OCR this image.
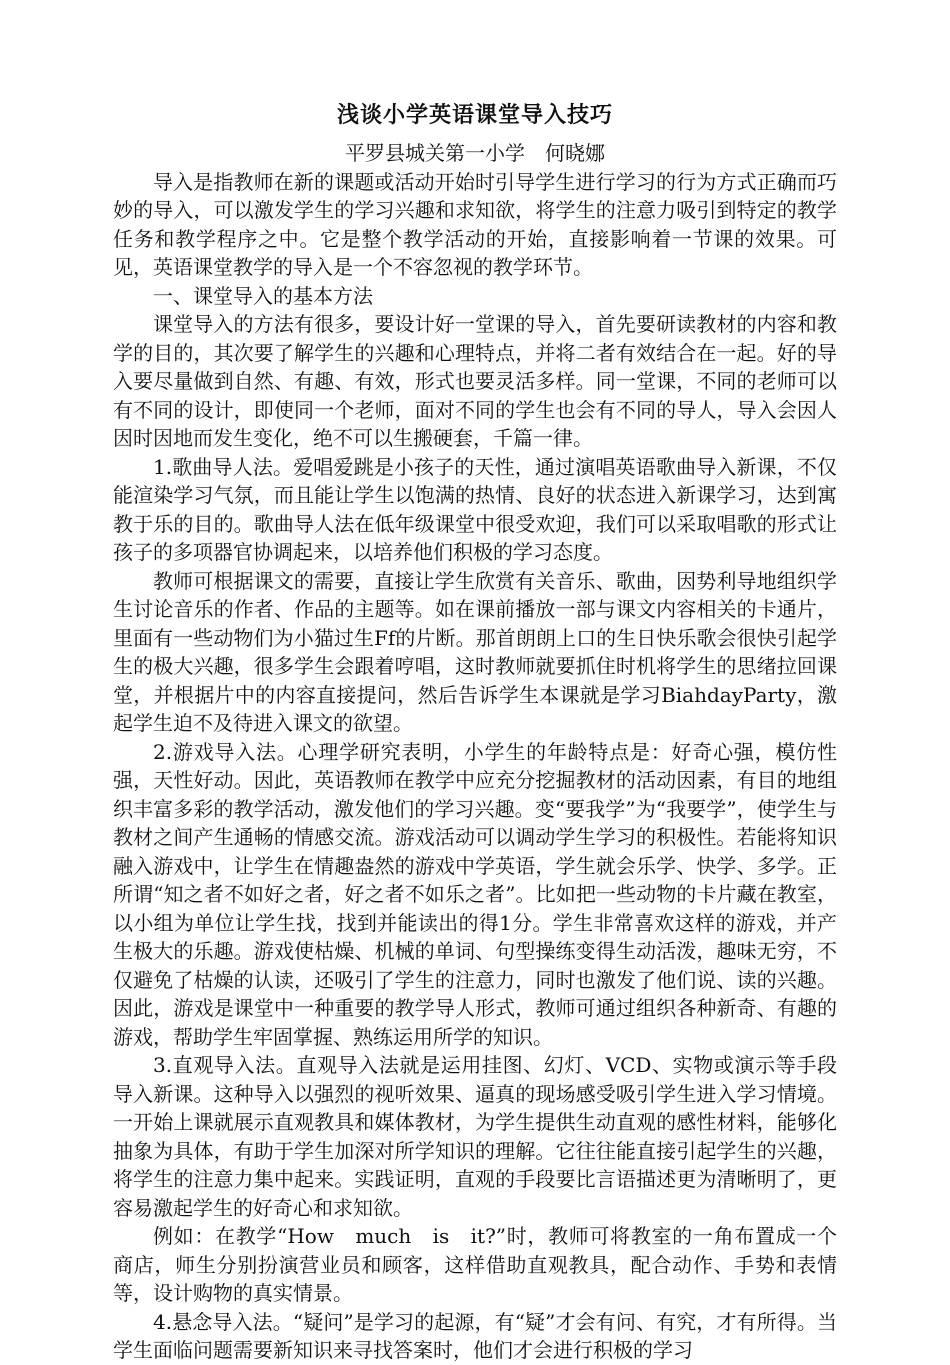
浅谈小学英语课堂导入技巧
平罗县城关第一小学　何晓娜

导入是指教师在新的课题或活动开始时引导学生进行学习的行为方式正确而巧妙的导入，可以激发学生的学习兴趣和求知欲，将学生的注意力吸引到特定的教学任务和教学程序之中。它是整个教学活动的开始，直接影响着一节课的效果。可见，英语课堂教学的导入是一个不容忽视的教学环节。

一、课堂导入的基本方法

课堂导入的方法有很多，要设计好一堂课的导入，首先要研读教材的内容和教学的目的，其次要了解学生的兴趣和心理特点，并将二者有效结合在一起。好的导入要尽量做到自然、有趣、有效，形式也要灵活多样。同一堂课，不同的老师可以有不同的设计，即使同一个老师，面对不同的学生也会有不同的导人，导入会因人因时因地而发生变化，绝不可以生搬硬套，千篇一律。

1.歌曲导人法。爱唱爱跳是小孩子的天性，通过演唱英语歌曲导入新课，不仅能渲染学习气氛，而且能让学生以饱满的热情、良好的状态进入新课学习，达到寓教于乐的目的。歌曲导人法在低年级课堂中很受欢迎，我们可以采取唱歌的形式让孩子的多项器官协调起来，以培养他们积极的学习态度。

教师可根据课文的需要，直接让学生欣赏有关音乐、歌曲，因势利导地组织学生讨论音乐的作者、作品的主题等。如在课前播放一部与课文内容相关的卡通片，里面有一些动物们为小猫过生Ff的片断。那首朗朗上口的生日快乐歌会很快引起学生的极大兴趣，很多学生会跟着哼唱，这时教师就要抓住时机将学生的思绪拉回课堂，并根据片中的内容直接提问，然后告诉学生本课就是学习BiahdayParty，激起学生迫不及待进入课文的欲望。

2.游戏导入法。心理学研究表明，小学生的年龄特点是：好奇心强，模仿性强，天性好动。因此，英语教师在教学中应充分挖掘教材的活动因素，有目的地组织丰富多彩的教学活动，激发他们的学习兴趣。变“要我学”为“我要学”，使学生与教材之间产生通畅的情感交流。游戏活动可以调动学生学习的积极性。若能将知识融入游戏中，让学生在情趣盎然的游戏中学英语，学生就会乐学、快学、多学。正所谓“知之者不如好之者，好之者不如乐之者”。比如把一些动物的卡片藏在教室，以小组为单位让学生找，找到并能读出的得1分。学生非常喜欢这样的游戏，并产生极大的乐趣。游戏使枯燥、机械的单词、句型操练变得生动活泼，趣味无穷，不仅避免了枯燥的认读，还吸引了学生的注意力，同时也激发了他们说、读的兴趣。因此，游戏是课堂中一种重要的教学导人形式，教师可通过组织各种新奇、有趣的游戏，帮助学生牢固掌握、熟练运用所学的知识。

3.直观导入法。直观导入法就是运用挂图、幻灯、VCD、实物或演示等手段导入新课。这种导入以强烈的视听效果、逼真的现场感受吸引学生进入学习情境。一开始上课就展示直观教具和媒体教材，为学生提供生动直观的感性材料，能够化抽象为具体，有助于学生加深对所学知识的理解。它往往能直接引起学生的兴趣，将学生的注意力集中起来。实践证明，直观的手段要比言语描述更为清晰明了，更容易激起学生的好奇心和求知欲。

例如：在教学“How　much　is　it?”时，教师可将教室的一角布置成一个商店，师生分别扮演营业员和顾客，这样借助直观教具，配合动作、手势和表情等，设计购物的真实情景。

4.悬念导入法。“疑问”是学习的起源，有“疑”才会有问、有究，才有所得。当学生面临问题需要新知识来寻找答案时，他们才会进行积极的学习
